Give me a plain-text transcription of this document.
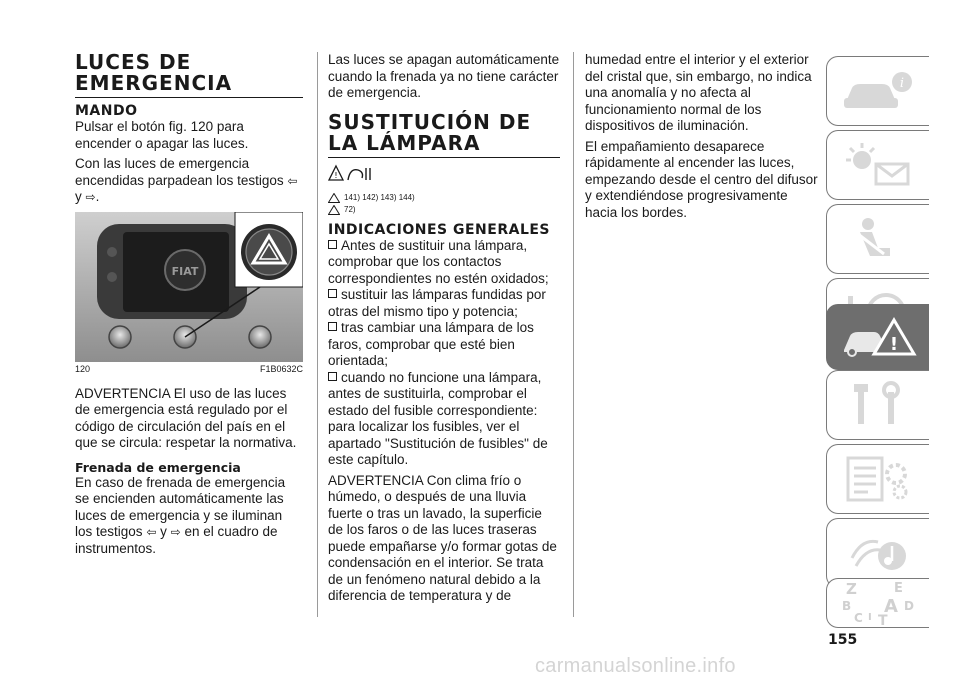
LUCES DE EMERGENCIA
MANDO

Pulsar el botón fig. 120 para encender o apagar las luces.

Con las luces de emergencia encendidas parpadean los testigos ⇦ y ⇨.

FIAT
120	F1B0632C

ADVERTENCIA El uso de las luces de emergencia está regulado por el código de circulación del país en el que se circula: respetar la normativa.

Frenada de emergencia

En caso de frenada de emergencia se encienden automáticamente las luces de emergencia y se iluminan los testigos ⇦ y ⇨ en el cuadro de instrumentos.

Las luces se apagan automáticamente cuando la frenada ya no tiene carácter de emergencia.

SUSTITUCIÓN DE LA LÁMPARA
!
141) 142) 143) 144)
72)
INDICACIONES GENERALES
Antes de sustituir una lámpara, comprobar que los contactos correspondientes no estén oxidados;
sustituir las lámparas fundidas por otras del mismo tipo y potencia;
tras cambiar una lámpara de los faros, comprobar que esté bien orientada;
cuando no funcione una lámpara, antes de sustituirla, comprobar el estado del fusible correspondiente: para localizar los fusibles, ver el apartado "Sustitución de fusibles" de este capítulo.

ADVERTENCIA Con clima frío o húmedo, o después de una lluvia fuerte o tras un lavado, la superficie de los faros o de las luces traseras puede empañarse y/o formar gotas de condensación en el interior. Se trata de un fenómeno natural debido a la diferencia de temperatura y de

humedad entre el interior y el exterior del cristal que, sin embargo, no indica una anomalía y no afecta al funcionamiento normal de los dispositivos de iluminación.

El empañamiento desaparece rápidamente al encender las luces, empezando desde el centro del difusor y extendiéndose progresivamente hacia los bordes.

i
!
Z	E
B A
C
D
I T
155
carmanualsonline.info
